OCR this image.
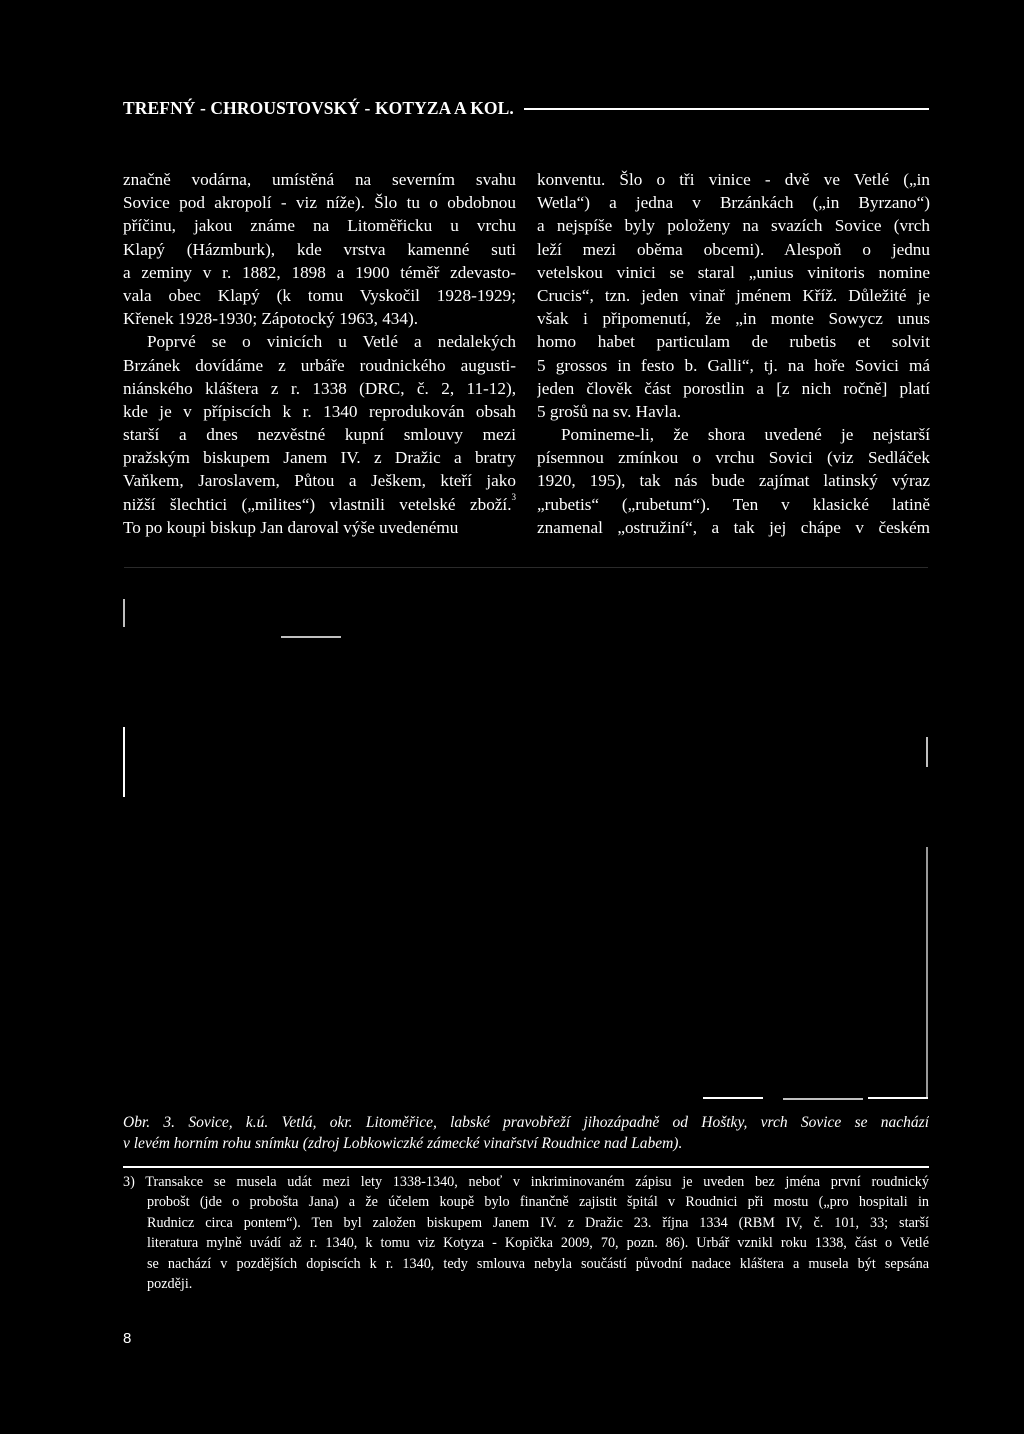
TREFNÝ - CHROUSTOVSKÝ - KOTYZA A KOL.
značně vodárna, umístěná na severním svahu
Sovice pod akropolí - viz níže). Šlo tu o obdobnou
příčinu, jakou známe na Litoměřicku u vrchu
Klapý (Házmburk), kde vrstva kamenné suti
a zeminy v r. 1882, 1898 a 1900 téměř zdevasto-
vala obec Klapý (k tomu Vyskočil 1928-1929;
Křenek 1928-1930; Zápotocký 1963, 434).
Poprvé se o vinicích u Vetlé a nedalekých
Brzánek dovídáme z urbáře roudnického augusti-
niánského kláštera z r. 1338 (DRC, č. 2, 11-12),
kde je v přípiscích k r. 1340 reprodukován obsah
starší a dnes nezvěstné kupní smlouvy mezi
pražským biskupem Janem IV. z Dražic a bratry
Vaňkem, Jaroslavem, Půtou a Ješkem, kteří jako
nižší šlechtici („milites“) vlastnili vetelské zboží.$^3$
To po koupi biskup Jan daroval výše uvedenému
konventu. Šlo o tři vinice - dvě ve Vetlé („in
Wetla“) a jedna v Brzánkách („in Byrzano“)
a nejspíše byly položeny na svazích Sovice (vrch
leží mezi oběma obcemi). Alespoň o jednu
vetelskou vinici se staral „unius vinitoris nomine
Crucis“, tzn. jeden vinař jménem Kříž. Důležité je
však i připomenutí, že „in monte Sowycz unus
homo habet particulam de rubetis et solvit
5 grossos in festo b. Galli“, tj. na hoře Sovici má
jeden člověk část porostlin a [z nich ročně] platí
5 grošů na sv. Havla.
Pomineme-li, že shora uvedené je nejstarší
písemnou zmínkou o vrchu Sovici (viz Sedláček
1920, 195), tak nás bude zajímat latinský výraz
„rubetis“ („rubetum“). Ten v klasické latině
znamenal „ostružiní“, a tak jej chápe v českém
Obr. 3. Sovice, k.ú. Vetlá, okr. Litoměřice, labské pravobřeží jihozápadně od Hoštky, vrch Sovice se nachází
v levém horním rohu snímku (zdroj Lobkowiczké zámecké vinařství Roudnice nad Labem).
3) Transakce se musela udát mezi lety 1338-1340, neboť v inkriminovaném zápisu je uveden bez jména první roudnický
probošt (jde o probošta Jana) a že účelem koupě bylo finančně zajistit špitál v Roudnici při mostu („pro hospitali in
Rudnicz circa pontem“). Ten byl založen biskupem Janem IV. z Dražic 23. října 1334 (RBM IV, č. 101, 33; starší
literatura mylně uvádí až r. 1340, k tomu viz Kotyza - Kopička 2009, 70, pozn. 86). Urbář vznikl roku 1338, část o Vetlé
se nachází v pozdějších dopiscích k r. 1340, tedy smlouva nebyla součástí původní nadace kláštera a musela být sepsána
později.
8
